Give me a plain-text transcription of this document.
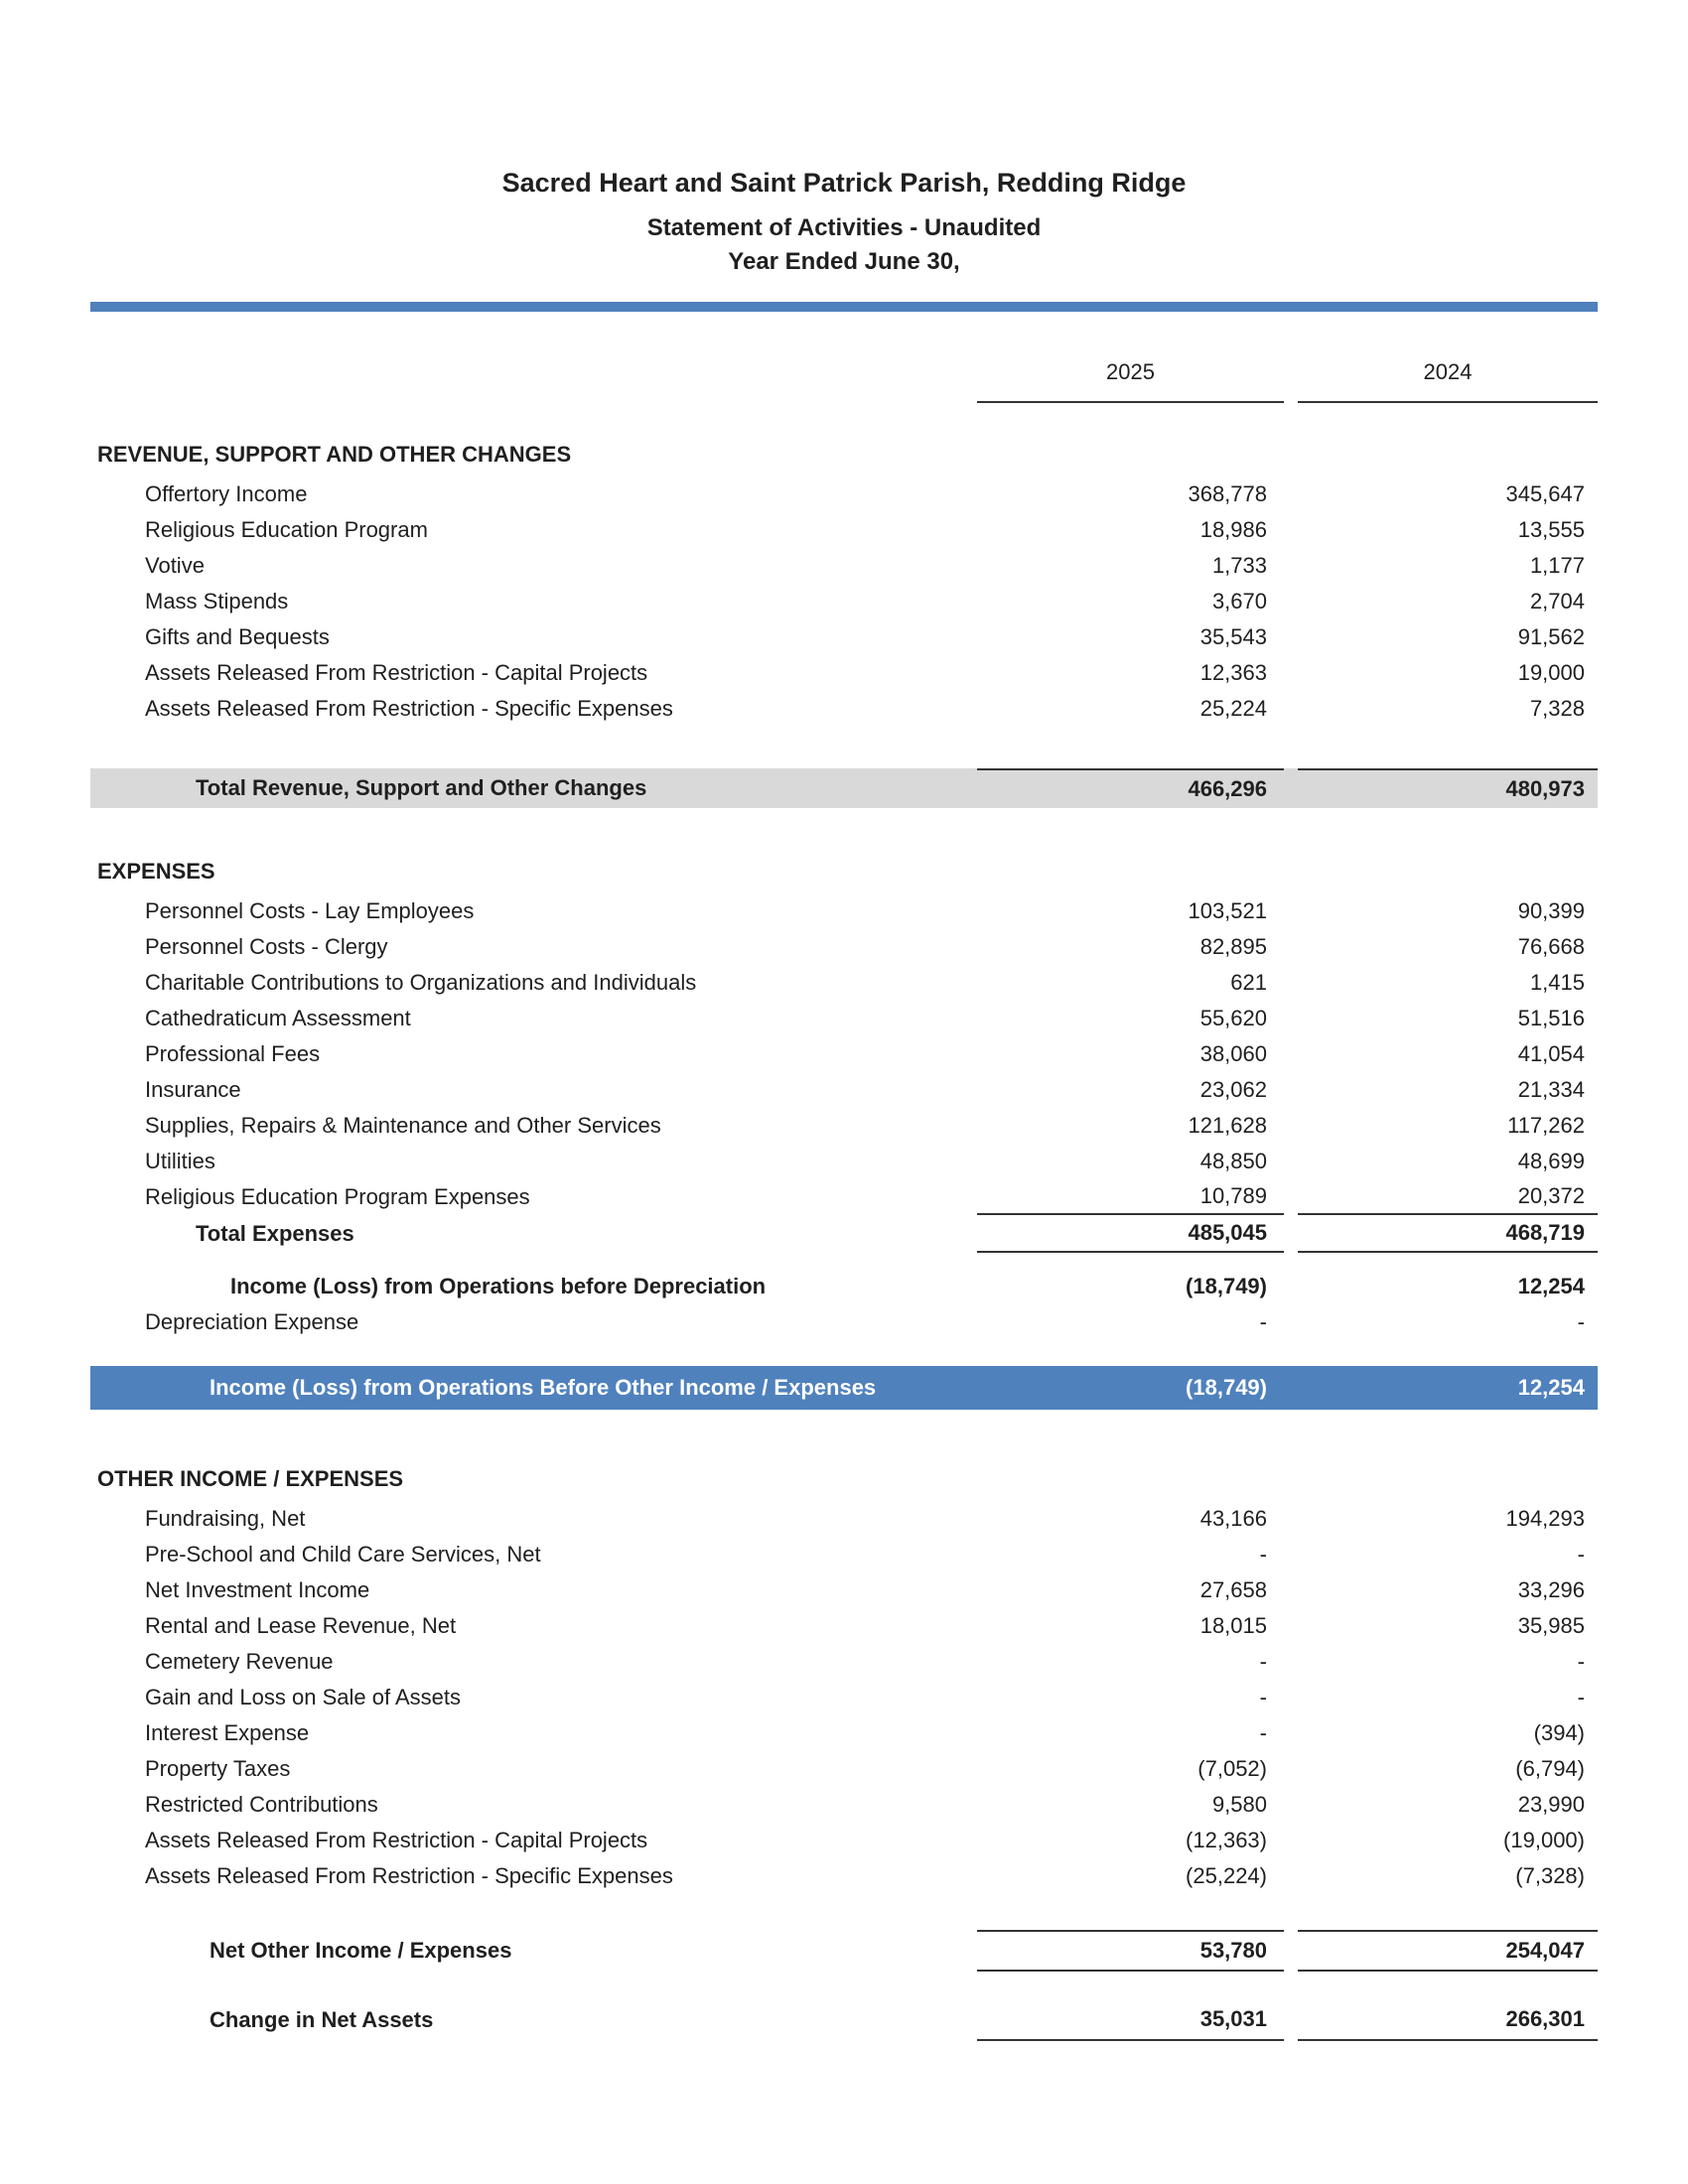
Sacred Heart and Saint Patrick Parish, Redding Ridge
Statement of Activities - Unaudited
Year Ended June 30,
2025	2024
REVENUE, SUPPORT AND OTHER CHANGES
Offertory Income	368,778	345,647
Religious Education Program	18,986	13,555
Votive	1,733	1,177
Mass Stipends	3,670	2,704
Gifts and Bequests	35,543	91,562
Assets Released From Restriction - Capital Projects	12,363	19,000
Assets Released From Restriction - Specific Expenses	25,224	7,328
Total Revenue, Support and Other Changes	466,296	480,973
EXPENSES
Personnel Costs - Lay Employees	103,521	90,399
Personnel Costs - Clergy	82,895	76,668
Charitable Contributions to Organizations and Individuals	621	1,415
Cathedraticum Assessment	55,620	51,516
Professional Fees	38,060	41,054
Insurance	23,062	21,334
Supplies, Repairs & Maintenance and Other Services	121,628	117,262
Utilities	48,850	48,699
Religious Education Program Expenses	10,789	20,372
Total Expenses	485,045	468,719
Income (Loss) from Operations before Depreciation	(18,749)	12,254
Depreciation Expense	-	-
Income (Loss) from Operations Before Other Income / Expenses	(18,749)	12,254
OTHER INCOME / EXPENSES
Fundraising, Net	43,166	194,293
Pre-School and Child Care Services, Net	-	-
Net Investment Income	27,658	33,296
Rental and Lease Revenue, Net	18,015	35,985
Cemetery Revenue	-	-
Gain and Loss on Sale of Assets	-	-
Interest Expense	-	(394)
Property Taxes	(7,052)	(6,794)
Restricted Contributions	9,580	23,990
Assets Released From Restriction - Capital Projects	(12,363)	(19,000)
Assets Released From Restriction - Specific Expenses	(25,224)	(7,328)
Net Other Income / Expenses	53,780	254,047
Change in Net Assets	35,031	266,301
